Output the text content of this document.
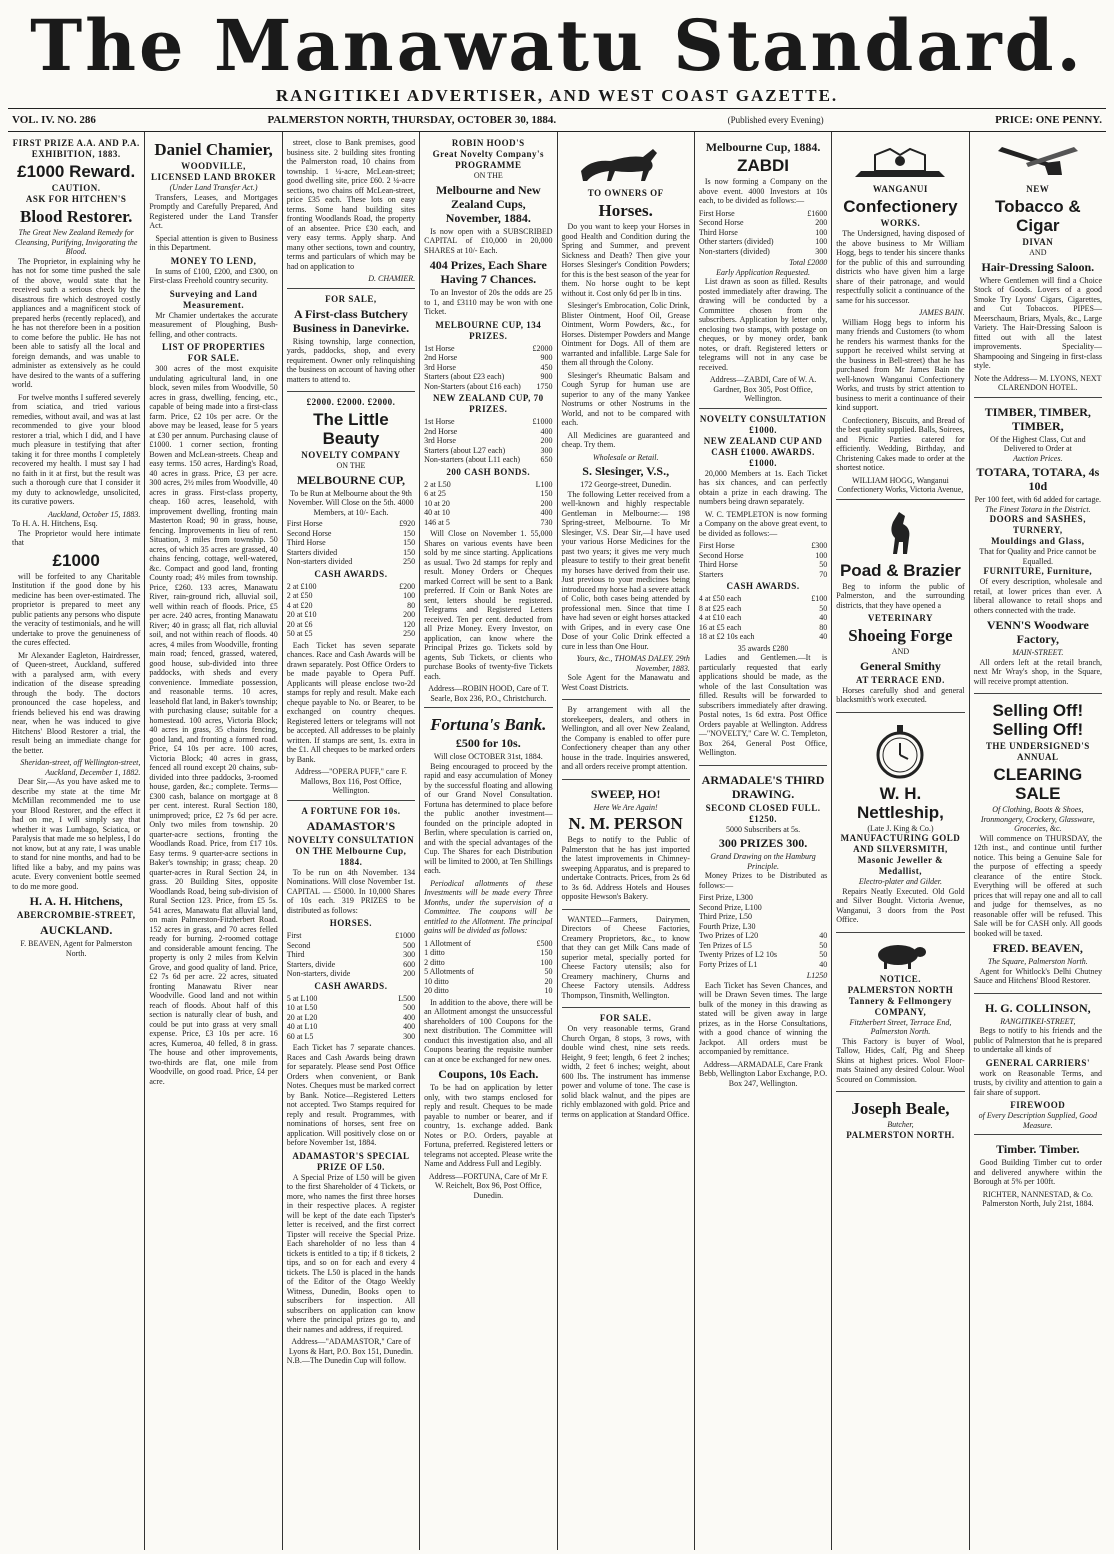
The Manawatu Standard.
RANGITIKEI ADVERTISER, AND WEST COAST GAZETTE.
VOL. IV. NO. 286	PALMERSTON NORTH, THURSDAY, OCTOBER 30, 1884.	(Published every Evening)	PRICE: ONE PENNY.
FIRST PRIZE A.A. AND P.A. EXHIBITION, 1883.
£1000 Reward.
CAUTION.
ASK FOR HITCHEN'S
Blood Restorer.
The Great New Zealand Remedy for Cleansing, Purifying, Invigorating the Blood.

The Proprietor, in explaining why he has not for some time pushed the sale of the above, would state that he received such a serious check by the disastrous fire which destroyed costly appliances and a magnificent stock of prepared herbs (recently replaced), and he has not therefore been in a position to come before the public. He has not been able to satisfy all the local and foreign demands, and was unable to administer as extensively as he could have desired to the wants of a suffering world.

For twelve months I suffered severely from sciatica, and tried various remedies, without avail, and was at last recommended to give your blood restorer a trial, which I did, and I have much pleasure in testifying that after taking it for three months I completely recovered my health. I must say I had no faith in it at first, but the result was such a thorough cure that I consider it my duty to acknowledge, unsolicited, its curative powers.

Auckland, October 15, 1883.
To H. A. H. Hitchens, Esq.

The Proprietor would here intimate that

£1000

will be forfeited to any Charitable Institution if the good done by his medicine has been over-estimated. The proprietor is prepared to meet any public patients any persons who dispute the veracity of testimonials, and he will undertake to prove the genuineness of the cures effected.

Mr Alexander Eagleton, Hairdresser, of Queen-street, Auckland, suffered with a paralysed arm, with every indication of the disease spreading through the body. The doctors pronounced the case hopeless, and friends believed his end was drawing near, when he was induced to give Hitchens' Blood Restorer a trial, the result being an immediate change for the better.

Sheridan-street, off Wellington-street, Auckland, December 1, 1882.

Dear Sir,—As you have asked me to describe my state at the time Mr McMillan recommended me to use your Blood Restorer, and the effect it had on me, I will simply say that whether it was Lumbago, Sciatica, or Paralysis that made me so helpless, I do not know, but at any rate, I was unable to stand for nine months, and had to be lifted like a baby, and my pains was acute. Every convenient bottle seemed to do me more good.

H. A. H. Hitchens,
ABERCROMBIE-STREET,
AUCKLAND.
F. BEAVEN, Agent for Palmerston North.
Daniel Chamier,
WOODVILLE,
LICENSED LAND BROKER
(Under Land Transfer Act.)

Transfers, Leases, and Mortgages Promptly and Carefully Prepared, And Registered under the Land Transfer Act.

Special attention is given to Business in this Department.

MONEY TO LEND,

In sums of £100, £200, and £300, on First-class Freehold country security.

Surveying and Land Measurement.

Mr Chamier undertakes the accurate measurement of Ploughing, Bush-felling, and other contracts.

LIST OF PROPERTIES
FOR SALE.

300 acres of the most exquisite undulating agricultural land, in one block, seven miles from Woodville, 50 acres in grass, dwelling, fencing, etc., capable of being made into a first-class farm. Price, £2 10s per acre. Or the above may be leased, lease for 5 years at £30 per annum. Purchasing clause of £1000. 1 corner section, fronting Bowen and McLean-streets. Cheap and easy terms. 150 acres, Harding's Road, 40 acres in grass. Price, £3 per acre. 300 acres, 2½ miles from Woodville, 40 acres in grass. First-class property, cheap. 160 acres, leasehold, with improvement dwelling, fronting main Masterton Road; 90 in grass, house, fencing. Improvements in lieu of rent. Situation, 3 miles from township. 50 acres, of which 35 acres are grassed, 40 chains fencing, cottage, well-watered, &c. Compact and good land, fronting County road; 4½ miles from township. Price, £260. 133 acres, Manawatu River, rain-ground rich, alluvial soil, well within reach of floods. Price, £5 per acre. 240 acres, fronting Manawatu River; 40 in grass; all flat, rich alluvial soil, and not within reach of floods. 40 acres, 4 miles from Woodville, fronting main road; fenced, grassed, watered, good house, sub-divided into three paddocks, with sheds and every convenience. Immediate possession, and reasonable terms. 10 acres, leasehold flat land, in Baker's township; with purchasing clause; suitable for a homestead. 100 acres, Victoria Block; 40 acres in grass, 35 chains fencing, good land, and fronting a formed road. Price, £4 10s per acre. 100 acres, Victoria Block; 40 acres in grass, fenced all round except 20 chains, sub-divided into three paddocks, 3-roomed house, garden, &c.; complete. Terms—£300 cash, balance on mortgage at 8 per cent. interest. Rural Section 180, unimproved; price, £2 7s 6d per acre. Only two miles from township. 20 quarter-acre sections, fronting the Woodlands Road. Price, from £17 10s. Easy terms. 9 quarter-acre sections in Baker's township; in grass; cheap. 20 quarter-acres in Rural Section 24, in grass. 20 Building Sites, opposite Woodlands Road, being sub-division of Rural Section 123. Price, from £5 5s. 541 acres, Manawatu flat alluvial land, on main Palmerston-Fitzherbert Road. 152 acres in grass, and 70 acres felled ready for burning. 2-roomed cottage and considerable amount fencing. The property is only 2 miles from Kelvin Grove, and good quality of land. Price, £2 7s 6d per acre. 22 acres, situated fronting Manawatu River near Woodville. Good land and not within reach of floods. About half of this section is naturally clear of bush, and could be put into grass at very small expense. Price, £3 10s per acre. 16 acres, Kumeroa, 40 felled, 8 in grass. The house and other improvements, two-thirds are flat, one mile from Woodville, on good road. Price, £4 per acre.

street, close to Bank premises, good business site. 2 building sites fronting the Palmerston road, 10 chains from township. 1 ¼-acre, McLean-street; good dwelling site, price £60. 2 ¼-acre sections, two chains off McLean-street, price £35 each. These lots on easy terms. Some hand building sites fronting Woodlands Road, the property of an absentee. Price £30 each, and very easy terms. Apply sharp. And many other sections, town and country, terms and particulars of which may be had on application to

D. CHAMIER.
FOR SALE,
A First-class Butchery Business in Danevirke.

Rising township, large connection, yards, paddocks, shop, and every requirement. Owner only relinquishing the business on account of having other matters to attend to.

£2000. £2000. £2000.
The Little Beauty
NOVELTY COMPANY
ON THE
MELBOURNE CUP,
To be Run at Melbourne about the 9th November. Will Close on the 5th. 4000 Members, at 10/- Each.
First Horse	£920
Second Horse	150
Third Horse	150
Starters divided	150
Non-starters divided	250
CASH AWARDS.
2 at £100	£200
2 at £50	100
4 at £20	80
20 at £10	200
20 at £6	120
50 at £5	250

Each Ticket has seven separate chances. Race and Cash Awards will be drawn separately. Post Office Orders to be made payable to Opera Puff. Applicants will please enclose two-2d stamps for reply and result. Make each cheque payable to No. or Bearer, to be exchanged on country cheques. Registered letters or telegrams will not be accepted. All addresses to be plainly written. If stamps are sent, 1s. extra in the £1. All cheques to be marked orders by Bank.

Address—"OPERA PUFF," care F. Mallows, Box 116, Post Office, Wellington.
A FORTUNE FOR 10s.
ADAMASTOR'S
NOVELTY CONSULTATION ON THE Melbourne Cup, 1884.

To be run on 4th November. 134 Nominations. Will close November 1st. CAPITAL — £5000. In 10,000 Shares of 10s each. 319 PRIZES to be distributed as follows:

HORSES.
First	£1000
Second	500
Third	300
Starters, divide	600
Non-starters, divide	200
CASH AWARDS.
5 at L100	L500
10 at L50	500
20 at L20	400
40 at L10	400
60 at L5	300

Each Ticket has 7 separate chances. Races and Cash Awards being drawn for separately. Please send Post Office Orders when convenient, or Bank Notes. Cheques must be marked correct by Bank. Notice—Registered Letters not accepted. Two Stamps required for reply and result. Programmes, with nominations of horses, sent free on application. Will positively close on or before November 1st, 1884.

ADAMASTOR'S SPECIAL PRIZE OF L50.

A Special Prize of L50 will be given to the first Shareholder of 4 Tickets, or more, who names the first three horses in their respective places. A register will be kept of the date each Tipster's letter is received, and the first correct Tipster will receive the Special Prize. Each shareholder of no less than 4 tickets is entitled to a tip; if 8 tickets, 2 tips, and so on for each and every 4 tickets. The L50 is placed in the hands of the Editor of the Otago Weekly Witness, Dunedin, Books open to subscribers for inspection. All subscribers on application can know where the principal prizes go to, and their names and address, if required.

Address—"ADAMASTOR," Care of Lyons & Hart, P.O. Box 151, Dunedin.
N.B.—The Dunedin Cup will follow.
ROBIN HOOD'S
Great Novelty Company's PROGRAMME
ON THE
Melbourne and New Zealand Cups, November, 1884.

Is now open with a SUBSCRIBED CAPITAL of £10,000 in 20,000 SHARES at 10/- Each.

404 Prizes, Each Share Having 7 Chances.

To an Investor of 20s the odds are 25 to 1, and £3110 may be won with one Ticket.

MELBOURNE CUP, 134 PRIZES.
1st Horse	£2000
2nd Horse	900
3rd Horse	450
Starters (about £23 each)	900
Non-Starters (about £16 each)	1750
NEW ZEALAND CUP, 70 PRIZES.
1st Horse	£1000
2nd Horse	400
3rd Horse	200
Starters (about L27 each)	300
Non-starters (about L11 each)	650
200 CASH BONDS.
2 at L50	L100
6 at 25	150
10 at 20	200
40 at 10	400
146 at 5	730

Will Close on November 1. 55,000 Shares on various events have been sold by me since starting. Applications as usual. Two 2d stamps for reply and result. Money Orders or Cheques marked Correct will be sent to a Bank preferred. If Coin or Bank Notes are sent, letters should be registered. Telegrams and Registered Letters received. Ten per cent. deducted from all Prize Money. Every Investor, on application, can know where the Principal Prizes go. Tickets sold by agents, Sub Tickets, or clients who purchase Books of twenty-five Tickets each.

Address—ROBIN HOOD, Care of T. Searle, Box 236, P.O., Christchurch.
Fortuna's Bank.
£500 for 10s.
Will close OCTOBER 31st, 1884.

Being encouraged to proceed by the rapid and easy accumulation of Money by the successful floating and allowing of our Grand Novel Consultation. Fortuna has determined to place before the public another investment—founded on the principle adopted in Berlin, where speculation is carried on, and with the special advantages of the Cup. The Shares for each Distribution will be limited to 2000, at Ten Shillings each.

Periodical allotments of these Investments will be made every Three Months, under the supervision of a Committee. The coupons will be entitled to the Allotment. The principal gains will be divided as follows:

1 Allotment of	£500
1 ditto	150
2 ditto	100
5 Allotments of	50
10 ditto	20
20 ditto	10

In addition to the above, there will be an Allotment amongst the unsuccessful shareholders of 100 Coupons for the next distribution. The Committee will conduct this investigation also, and all Coupons bearing the requisite number can at once be exchanged for new ones.

Coupons, 10s Each.

To be had on application by letter only, with two stamps enclosed for reply and result. Cheques to be made payable to number or bearer, and if country, 1s. exchange added. Bank Notes or P.O. Orders, payable at Fortuna, preferred. Registered letters or telegrams not accepted. Please write the Name and Address Full and Legibly.

Address—FORTUNA, Care of Mr F. W. Reichelt, Box 96, Post Office, Dunedin.
TO OWNERS OF
Horses.

Do you want to keep your Horses in good Health and Condition during the Spring and Summer, and prevent Sickness and Death? Then give your Horses Slesinger's Condition Powders; for this is the best season of the year for them. No horse ought to be kept without it. Cost only 6d per lb in tins.

Slesinger's Embrocation, Colic Drink, Blister Ointment, Hoof Oil, Grease Ointment, Worm Powders, &c., for Horses. Distemper Powders and Mange Ointment for Dogs. All of them are warranted and infallible. Large Sale for them all through the Colony.

Slesinger's Rheumatic Balsam and Cough Syrup for human use are superior to any of the many Yankee Nostrums or other Nostrums in the World, and not to be compared with each.

All Medicines are guaranteed and cheap. Try them.

Wholesale or Retail.
S. Slesinger, V.S.,
172 George-street, Dunedin.

The following Letter received from a well-known and highly respectable Gentleman in Melbourne:— 198 Spring-street, Melbourne. To Mr Slesinger, V.S. Dear Sir,—I have used your various Horse Medicines for the past two years; it gives me very much pleasure to testify to their great benefit my horses have derived from their use. Just previous to your medicines being introduced my horse had a severe attack of Colic, both cases being attended by professional men. Since that time I have had seven or eight horses attacked with Gripes, and in every case One Dose of your Colic Drink effected a cure in less than One Hour.

Yours, &c., THOMAS DALEY. 29th November, 1883.

Sole Agent for the Manawatu and West Coast Districts.

By arrangement with all the storekeepers, dealers, and others in Wellington, and all over New Zealand, the Company is enabled to offer pure Confectionery cheaper than any other house in the trade. Inquiries answered, and all orders receive prompt attention.

SWEEP, HO!
Here We Are Again!
N. M. PERSON

Begs to notify to the Public of Palmerston that he has just imported the latest improvements in Chimney-sweeping Apparatus, and is prepared to undertake Contracts. Prices, from 2s 6d to 3s 6d. Address Hotels and Houses opposite Hewson's Bakery.

WANTED—Farmers, Dairymen, Directors of Cheese Factories, Creamery Proprietors, &c., to know that they can get Milk Cans made of superior metal, specially ported for Cheese Factory utensils; also for Creamery machinery, Churns and Cheese Factory utensils. Address Thompson, Tinsmith, Wellington.

FOR SALE.

On very reasonable terms, Grand Church Organ, 8 stops, 3 rows, with double wind chest, nine sets reeds. Height, 9 feet; length, 6 feet 2 inches; width, 2 feet 6 inches; weight, about 600 lbs. The instrument has immense power and volume of tone. The case is solid black walnut, and the pipes are richly emblazoned with gold. Price and terms on application at Standard Office.

Melbourne Cup, 1884.
ZABDI

Is now forming a Company on the above event. 4000 Investors at 10s each, to be divided as follows:—

First Horse	£1600
Second Horse	200
Third Horse	100
Other starters (divided)	100
Non-starters (divided)	300
Total £2000
Early Application Requested.

List drawn as soon as filled. Results posted immediately after drawing. The drawing will be conducted by a Committee chosen from the subscribers. Application by letter only, enclosing two stamps, with postage on cheques, or by money order, bank notes, or draft. Registered letters or telegrams will not in any case be received.

Address—ZABDI, Care of W. A. Gardner, Box 305, Post Office, Wellington.
NOVELTY CONSULTATION £1000.
NEW ZEALAND CUP AND CASH £1000. AWARDS. £1000.

20,000 Members at 1s. Each Ticket has six chances, and can perfectly obtain a prize in each drawing. The numbers being drawn separately.

W. C. TEMPLETON is now forming a Company on the above great event, to be divided as follows:—

First Horse	£300
Second Horse	100
Third Horse	50
Starters	70
CASH AWARDS.
4 at £50 each	£100
8 at £25 each	50
4 at £10 each	40
16 at £5 each	80
18 at £2 10s each	40
35 awards £280

Ladies and Gentlemen.—It is particularly requested that early applications should be made, as the whole of the last Consultation was filled. Results will be forwarded to subscribers immediately after drawing. Postal notes, 1s 6d extra. Post Office Orders payable at Wellington. Address—"NOVELTY," Care W. C. Templeton, Box 264, General Post Office, Wellington.

ARMADALE'S THIRD DRAWING.
SECOND CLOSED FULL. £1250.
5000 Subscribers at 5s.
300 PRIZES 300.
Grand Drawing on the Hamburg Principle.

Money Prizes to be Distributed as follows:—

First Prize, L300	
Second Prize, L100	
Third Prize, L50	
Fourth Prize, L30	
Two Prizes of L20	40
Ten Prizes of L5	50
Twenty Prizes of L2 10s	50
Forty Prizes of L1	40
L1250

Each Ticket has Seven Chances, and will be Drawn Seven times. The large bulk of the money in this drawing as stated will be given away in large prizes, as in the Horse Consultations, with a good chance of winning the Jackpot. All orders must be accompanied by remittance.

Address—ARMADALE, Care Frank Bebb, Wellington Labor Exchange, P.O. Box 247, Wellington.
WANGANUI
Confectionery
WORKS.

The Undersigned, having disposed of the above business to Mr William Hogg, begs to tender his sincere thanks for the public of this and surrounding districts who have given him a large share of their patronage, and would respectfully solicit a continuance of the same for his successor.

JAMES BAIN.

William Hogg begs to inform his many friends and Customers (to whom he renders his warmest thanks for the support he received whilst serving at the business in Bell-street) that he has purchased from Mr James Bain the well-known Wanganui Confectionery Works, and trusts by strict attention to business to merit a continuance of their kind support.

Confectionery, Biscuits, and Bread of the best quality supplied. Balls, Soirees, and Picnic Parties catered for efficiently. Wedding, Birthday, and Christening Cakes made to order at the shortest notice.

WILLIAM HOGG, Wanganui Confectionery Works, Victoria Avenue,
Poad & Brazier

Beg to inform the public of Palmerston, and the surrounding districts, that they have opened a

VETERINARY
Shoeing Forge
AND
General Smithy
AT TERRACE END.

Horses carefully shod and general blacksmith's work executed.

W. H. Nettleship,
(Late J. King & Co.)
MANUFACTURING GOLD AND SILVERSMITH,
Masonic Jeweller & Medallist,
Electro-plater and Gilder.

Repairs Neatly Executed. Old Gold and Silver Bought. Victoria Avenue, Wanganui, 3 doors from the Post Office.

NOTICE.
PALMERSTON NORTH Tannery & Fellmongery COMPANY,
Fitzherbert Street, Terrace End, Palmerston North.

This Factory is buyer of Wool, Tallow, Hides, Calf, Pig and Sheep Skins at highest prices. Wool Floor-mats Stained any desired Colour. Wool Scoured on Commission.

Joseph Beale,
Butcher,
PALMERSTON NORTH.
NEW
Tobacco & Cigar
DIVAN
AND
Hair-Dressing Saloon.

Where Gentlemen will find a Choice Stock of Goods. Lovers of a good Smoke Try Lyons' Cigars, Cigarettes, and Cut Tobaccos. PIPES—Meerschaum, Briars, Myals, &c., Large Variety. The Hair-Dressing Saloon is fitted out with all the latest improvements. Speciality—Shampooing and Singeing in first-class style.

Note the Address— M. LYONS, NEXT CLARENDON HOTEL.
TIMBER, TIMBER, TIMBER,
Of the Highest Class, Cut and Delivered to Order at
Auction Prices.
TOTARA, TOTARA, 4s 10d
Per 100 feet, with 6d added for cartage.
The Finest Totara in the District.
DOORS and SASHES,
TURNERY,
Mouldings and Glass,
That for Quality and Price cannot be Equalled.
FURNITURE, Furniture,

Of every description, wholesale and retail, at lower prices than ever. A liberal allowance to retail shops and others connected with the trade.

VENN'S Woodware Factory,
MAIN-STREET.

All orders left at the retail branch, next Mr Wray's shop, in the Square, will receive prompt attention.

Selling Off! Selling Off!
THE UNDERSIGNED'S ANNUAL
CLEARING SALE
Of Clothing, Boots & Shoes, Ironmongery, Crockery, Glassware, Groceries, &c.

Will commence on THURSDAY, the 12th inst., and continue until further notice. This being a Genuine Sale for the purpose of effecting a speedy clearance of the entire Stock. Everything will be offered at such prices that will repay one and all to call and judge for themselves, as no reasonable offer will be refused. This Sale will be for CASH only. All goods booked will be taxed.

FRED. BEAVEN,
The Square, Palmerston North.

Agent for Whitlock's Delhi Chutney Sauce and Hitchens' Blood Restorer.

H. G. COLLINSON,
RANGITIKEI-STREET,

Begs to notify to his friends and the public of Palmerston that he is prepared to undertake all kinds of

GENERAL CARRIERS'

work on Reasonable Terms, and trusts, by civility and attention to gain a fair share of support.

FIREWOOD
of Every Description Supplied, Good Measure.
Timber. Timber.

Good Building Timber cut to order and delivered anywhere within the Borough at 5% per 100ft.

RICHTER, NANNESTAD, & Co. Palmerston North, July 21st, 1884.
